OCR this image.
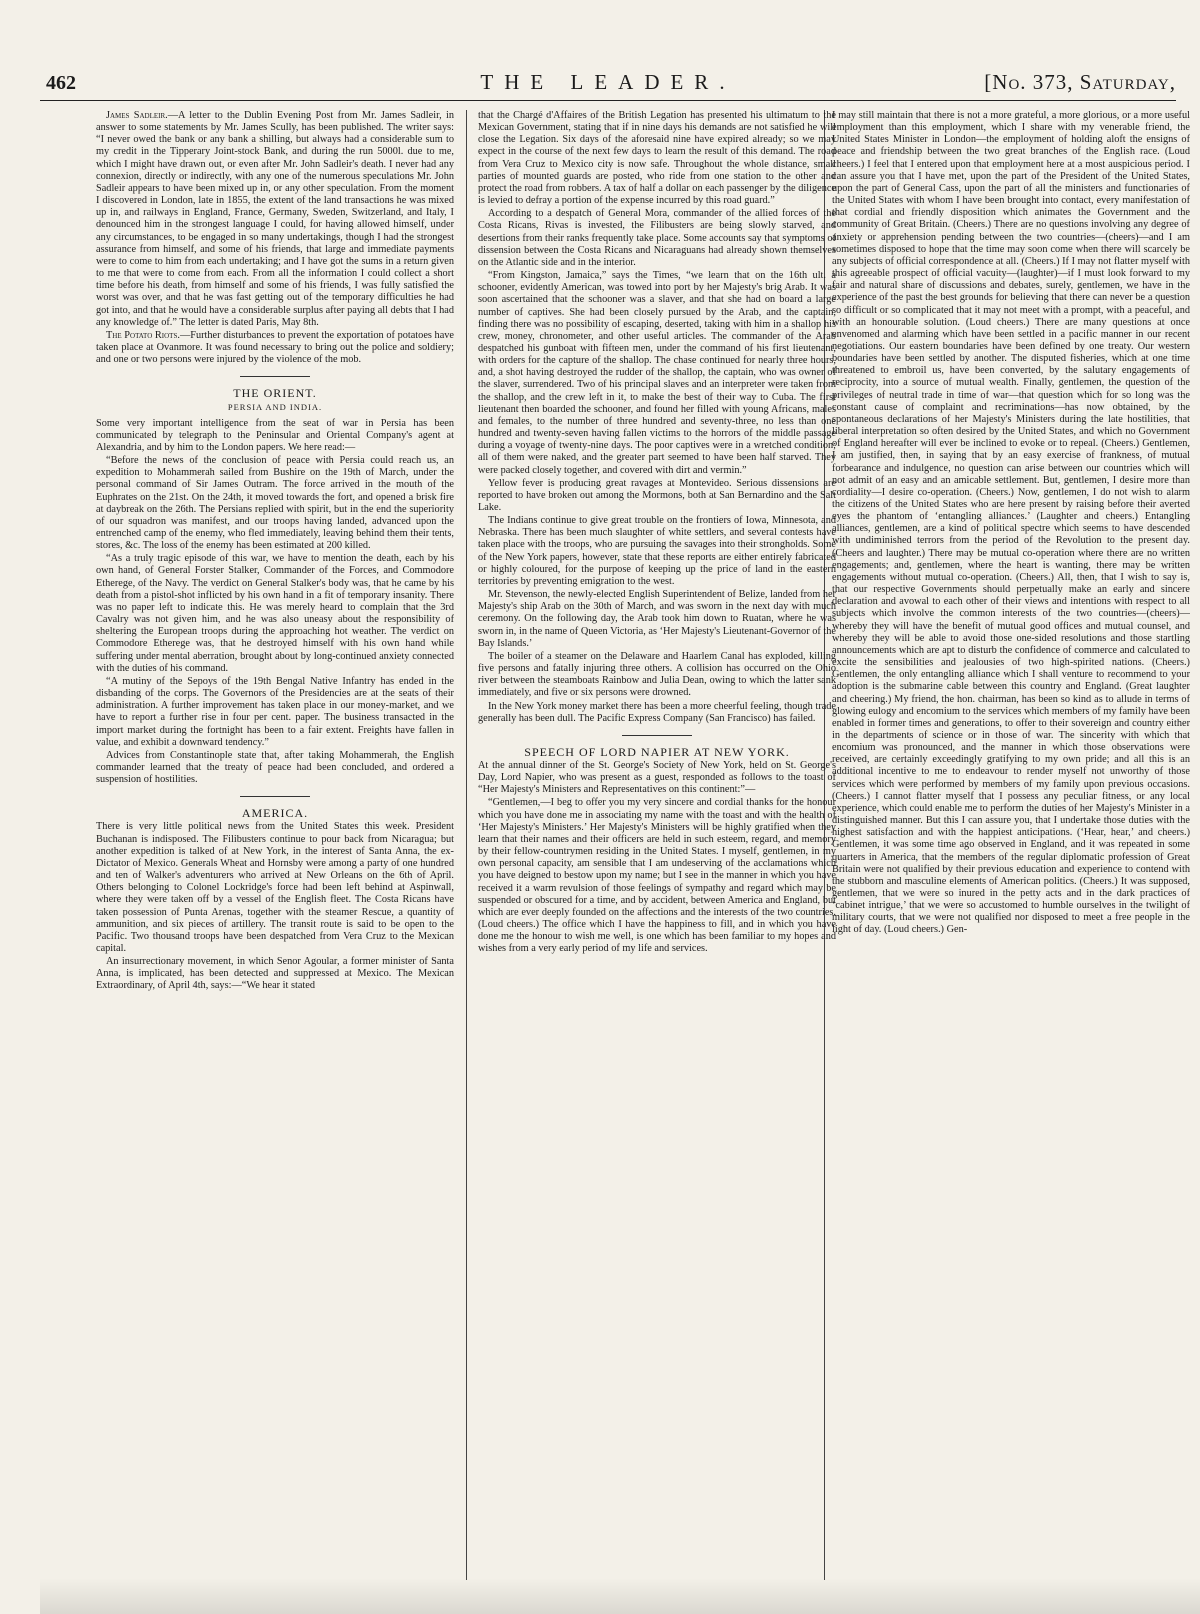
462	THE LEADER.	[No. 373, Saturday,

James Sadleir.—A letter to the Dublin Evening Post from Mr. James Sadleir, in answer to some statements by Mr. James Scully, has been published. The writer says: “I never owed the bank or any bank a shilling, but always had a considerable sum to my credit in the Tipperary Joint-stock Bank, and during the run 5000l. due to me, which I might have drawn out, or even after Mr. John Sadleir's death. I never had any connexion, directly or indirectly, with any one of the numerous speculations Mr. John Sadleir appears to have been mixed up in, or any other speculation. From the moment I discovered in London, late in 1855, the extent of the land transactions he was mixed up in, and railways in England, France, Germany, Sweden, Switzerland, and Italy, I denounced him in the strongest language I could, for having allowed himself, under any circumstances, to be engaged in so many undertakings, though I had the strongest assurance from himself, and some of his friends, that large and immediate payments were to come to him from each undertaking; and I have got the sums in a return given to me that were to come from each. From all the information I could collect a short time before his death, from himself and some of his friends, I was fully satisfied the worst was over, and that he was fast getting out of the temporary difficulties he had got into, and that he would have a considerable surplus after paying all debts that I had any knowledge of.” The letter is dated Paris, May 8th.

The Potato Riots.—Further disturbances to prevent the exportation of potatoes have taken place at Ovanmore. It was found necessary to bring out the police and soldiery; and one or two persons were injured by the violence of the mob.

THE ORIENT.
PERSIA AND INDIA.

Some very important intelligence from the seat of war in Persia has been communicated by telegraph to the Peninsular and Oriental Company's agent at Alexandria, and by him to the London papers. We here read:—

“Before the news of the conclusion of peace with Persia could reach us, an expedition to Mohammerah sailed from Bushire on the 19th of March, under the personal command of Sir James Outram. The force arrived in the mouth of the Euphrates on the 21st. On the 24th, it moved towards the fort, and opened a brisk fire at daybreak on the 26th. The Persians replied with spirit, but in the end the superiority of our squadron was manifest, and our troops having landed, advanced upon the entrenched camp of the enemy, who fled immediately, leaving behind them their tents, stores, &c. The loss of the enemy has been estimated at 200 killed.

“As a truly tragic episode of this war, we have to mention the death, each by his own hand, of General Forster Stalker, Commander of the Forces, and Commodore Etherege, of the Navy. The verdict on General Stalker's body was, that he came by his death from a pistol-shot inflicted by his own hand in a fit of temporary insanity. There was no paper left to indicate this. He was merely heard to complain that the 3rd Cavalry was not given him, and he was also uneasy about the responsibility of sheltering the European troops during the approaching hot weather. The verdict on Commodore Etherege was, that he destroyed himself with his own hand while suffering under mental aberration, brought about by long-continued anxiety connected with the duties of his command.

“A mutiny of the Sepoys of the 19th Bengal Native Infantry has ended in the disbanding of the corps. The Governors of the Presidencies are at the seats of their administration. A further improvement has taken place in our money-market, and we have to report a further rise in four per cent. paper. The business transacted in the import market during the fortnight has been to a fair extent. Freights have fallen in value, and exhibit a downward tendency.”

Advices from Constantinople state that, after taking Mohammerah, the English commander learned that the treaty of peace had been concluded, and ordered a suspension of hostilities.

AMERICA.

There is very little political news from the United States this week. President Buchanan is indisposed. The Filibusters continue to pour back from Nicaragua; but another expedition is talked of at New York, in the interest of Santa Anna, the ex-Dictator of Mexico. Generals Wheat and Hornsby were among a party of one hundred and ten of Walker's adventurers who arrived at New Orleans on the 6th of April. Others belonging to Colonel Lockridge's force had been left behind at Aspinwall, where they were taken off by a vessel of the English fleet. The Costa Ricans have taken possession of Punta Arenas, together with the steamer Rescue, a quantity of ammunition, and six pieces of artillery. The transit route is said to be open to the Pacific. Two thousand troops have been despatched from Vera Cruz to the Mexican capital.

An insurrectionary movement, in which Senor Agoular, a former minister of Santa Anna, is implicated, has been detected and suppressed at Mexico. The Mexican Extraordinary, of April 4th, says:—“We hear it stated

that the Chargé d'Affaires of the British Legation has presented his ultimatum to the Mexican Government, stating that if in nine days his demands are not satisfied he will close the Legation. Six days of the aforesaid nine have expired already; so we may expect in the course of the next few days to learn the result of this demand. The road from Vera Cruz to Mexico city is now safe. Throughout the whole distance, small parties of mounted guards are posted, who ride from one station to the other and protect the road from robbers. A tax of half a dollar on each passenger by the diligence is levied to defray a portion of the expense incurred by this road guard.”

According to a despatch of General Mora, commander of the allied forces of the Costa Ricans, Rivas is invested, the Filibusters are being slowly starved, and desertions from their ranks frequently take place. Some accounts say that symptoms of dissension between the Costa Ricans and Nicaraguans had already shown themselves on the Atlantic side and in the interior.

“From Kingston, Jamaica,” says the Times, “we learn that on the 16th ult. a schooner, evidently American, was towed into port by her Majesty's brig Arab. It was soon ascertained that the schooner was a slaver, and that she had on board a large number of captives. She had been closely pursued by the Arab, and the captain, finding there was no possibility of escaping, deserted, taking with him in a shallop his crew, money, chronometer, and other useful articles. The commander of the Arab despatched his gunboat with fifteen men, under the command of his first lieutenant, with orders for the capture of the shallop. The chase continued for nearly three hours, and, a shot having destroyed the rudder of the shallop, the captain, who was owner of the slaver, surrendered. Two of his principal slaves and an interpreter were taken from the shallop, and the crew left in it, to make the best of their way to Cuba. The first lieutenant then boarded the schooner, and found her filled with young Africans, males and females, to the number of three hundred and seventy-three, no less than one hundred and twenty-seven having fallen victims to the horrors of the middle passage during a voyage of twenty-nine days. The poor captives were in a wretched condition; all of them were naked, and the greater part seemed to have been half starved. They were packed closely together, and covered with dirt and vermin.”

Yellow fever is producing great ravages at Montevideo. Serious dissensions are reported to have broken out among the Mormons, both at San Bernardino and the Salt Lake.

The Indians continue to give great trouble on the frontiers of Iowa, Minnesota, and Nebraska. There has been much slaughter of white settlers, and several contests have taken place with the troops, who are pursuing the savages into their strongholds. Some of the New York papers, however, state that these reports are either entirely fabricated or highly coloured, for the purpose of keeping up the price of land in the eastern territories by preventing emigration to the west.

Mr. Stevenson, the newly-elected English Superintendent of Belize, landed from her Majesty's ship Arab on the 30th of March, and was sworn in the next day with much ceremony. On the following day, the Arab took him down to Ruatan, where he was sworn in, in the name of Queen Victoria, as ‘Her Majesty's Lieutenant-Governor of the Bay Islands.’

The boiler of a steamer on the Delaware and Haarlem Canal has exploded, killing five persons and fatally injuring three others. A collision has occurred on the Ohio river between the steamboats Rainbow and Julia Dean, owing to which the latter sank immediately, and five or six persons were drowned.

In the New York money market there has been a more cheerful feeling, though trade generally has been dull. The Pacific Express Company (San Francisco) has failed.

SPEECH OF LORD NAPIER AT NEW YORK.

At the annual dinner of the St. George's Society of New York, held on St. George's Day, Lord Napier, who was present as a guest, responded as follows to the toast of “Her Majesty's Ministers and Representatives on this continent:”—

“Gentlemen,—I beg to offer you my very sincere and cordial thanks for the honour which you have done me in associating my name with the toast and with the health of ‘Her Majesty's Ministers.’ Her Majesty's Ministers will be highly gratified when they learn that their names and their officers are held in such esteem, regard, and memory by their fellow-countrymen residing in the United States. I myself, gentlemen, in my own personal capacity, am sensible that I am undeserving of the acclamations which you have deigned to bestow upon my name; but I see in the manner in which you have received it a warm revulsion of those feelings of sympathy and regard which may be suspended or obscured for a time, and by accident, between America and England, but which are ever deeply founded on the affections and the interests of the two countries. (Loud cheers.) The office which I have the happiness to fill, and in which you have done me the honour to wish me well, is one which has been familiar to my hopes and wishes from a very early period of my life and services.

I may still maintain that there is not a more grateful, a more glorious, or a more useful employment than this employment, which I share with my venerable friend, the United States Minister in London—the employment of holding aloft the ensigns of peace and friendship between the two great branches of the English race. (Loud cheers.) I feel that I entered upon that employment here at a most auspicious period. I can assure you that I have met, upon the part of the President of the United States, upon the part of General Cass, upon the part of all the ministers and functionaries of the United States with whom I have been brought into contact, every manifestation of that cordial and friendly disposition which animates the Government and the community of Great Britain. (Cheers.) There are no questions involving any degree of anxiety or apprehension pending between the two countries—(cheers)—and I am sometimes disposed to hope that the time may soon come when there will scarcely be any subjects of official correspondence at all. (Cheers.) If I may not flatter myself with this agreeable prospect of official vacuity—(laughter)—if I must look forward to my fair and natural share of discussions and debates, surely, gentlemen, we have in the experience of the past the best grounds for believing that there can never be a question so difficult or so complicated that it may not meet with a prompt, with a peaceful, and with an honourable solution. (Loud cheers.) There are many questions at once envenomed and alarming which have been settled in a pacific manner in our recent negotiations. Our eastern boundaries have been defined by one treaty. Our western boundaries have been settled by another. The disputed fisheries, which at one time threatened to embroil us, have been converted, by the salutary engagements of reciprocity, into a source of mutual wealth. Finally, gentlemen, the question of the privileges of neutral trade in time of war—that question which for so long was the constant cause of complaint and recriminations—has now obtained, by the spontaneous declarations of her Majesty's Ministers during the late hostilities, that liberal interpretation so often desired by the United States, and which no Government of England hereafter will ever be inclined to evoke or to repeal. (Cheers.) Gentlemen, I am justified, then, in saying that by an easy exercise of frankness, of mutual forbearance and indulgence, no question can arise between our countries which will not admit of an easy and an amicable settlement. But, gentlemen, I desire more than cordiality—I desire co-operation. (Cheers.) Now, gentlemen, I do not wish to alarm the citizens of the United States who are here present by raising before their averted eyes the phantom of ‘entangling alliances.’ (Laughter and cheers.) Entangling alliances, gentlemen, are a kind of political spectre which seems to have descended with undiminished terrors from the period of the Revolution to the present day. (Cheers and laughter.) There may be mutual co-operation where there are no written engagements; and, gentlemen, where the heart is wanting, there may be written engagements without mutual co-operation. (Cheers.) All, then, that I wish to say is, that our respective Governments should perpetually make an early and sincere declaration and avowal to each other of their views and intentions with respect to all subjects which involve the common interests of the two countries—(cheers)—whereby they will have the benefit of mutual good offices and mutual counsel, and whereby they will be able to avoid those one-sided resolutions and those startling announcements which are apt to disturb the confidence of commerce and calculated to excite the sensibilities and jealousies of two high-spirited nations. (Cheers.) Gentlemen, the only entangling alliance which I shall venture to recommend to your adoption is the submarine cable between this country and England. (Great laughter and cheering.) My friend, the hon. chairman, has been so kind as to allude in terms of glowing eulogy and encomium to the services which members of my family have been enabled in former times and generations, to offer to their sovereign and country either in the departments of science or in those of war. The sincerity with which that encomium was pronounced, and the manner in which those observations were received, are certainly exceedingly gratifying to my own pride; and all this is an additional incentive to me to endeavour to render myself not unworthy of those services which were performed by members of my family upon previous occasions. (Cheers.) I cannot flatter myself that I possess any peculiar fitness, or any local experience, which could enable me to perform the duties of her Majesty's Minister in a distinguished manner. But this I can assure you, that I undertake those duties with the highest satisfaction and with the happiest anticipations. (‘Hear, hear,’ and cheers.) Gentlemen, it was some time ago observed in England, and it was repeated in some quarters in America, that the members of the regular diplomatic profession of Great Britain were not qualified by their previous education and experience to contend with the stubborn and masculine elements of American politics. (Cheers.) It was supposed, gentlemen, that we were so inured in the petty acts and in the dark practices of ‘cabinet intrigue,’ that we were so accustomed to humble ourselves in the twilight of military courts, that we were not qualified nor disposed to meet a free people in the light of day. (Loud cheers.) Gen-
